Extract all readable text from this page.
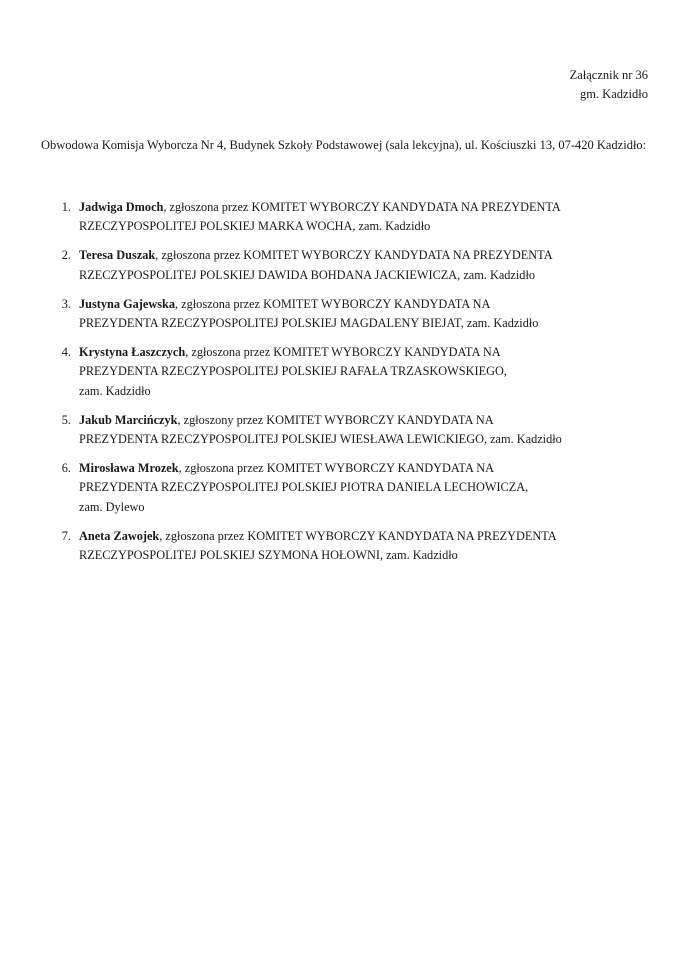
Załącznik nr 36
gm. Kadzidło

Obwodowa Komisja Wyborcza Nr 4, Budynek Szkoły Podstawowej (sala lekcyjna), ul. Kościuszki 13, 07-420 Kadzidło:

1. Jadwiga Dmoch, zgłoszona przez KOMITET WYBORCZY KANDYDATA NA PREZYDENTA
RZECZYPOSPOLITEJ POLSKIEJ MARKA WOCHA, zam. Kadzidło
2. Teresa Duszak, zgłoszona przez KOMITET WYBORCZY KANDYDATA NA PREZYDENTA
RZECZYPOSPOLITEJ POLSKIEJ DAWIDA BOHDANA JACKIEWICZA, zam. Kadzidło
3. Justyna Gajewska, zgłoszona przez KOMITET WYBORCZY KANDYDATA NA
PREZYDENTA RZECZYPOSPOLITEJ POLSKIEJ MAGDALENY BIEJAT, zam. Kadzidło
4. Krystyna Łaszczych, zgłoszona przez KOMITET WYBORCZY KANDYDATA NA
PREZYDENTA RZECZYPOSPOLITEJ POLSKIEJ RAFAŁA TRZASKOWSKIEGO,
zam. Kadzidło
5. Jakub Marcińczyk, zgłoszony przez KOMITET WYBORCZY KANDYDATA NA
PREZYDENTA RZECZYPOSPOLITEJ POLSKIEJ WIESŁAWA LEWICKIEGO, zam. Kadzidło
6. Mirosława Mrozek, zgłoszona przez KOMITET WYBORCZY KANDYDATA NA
PREZYDENTA RZECZYPOSPOLITEJ POLSKIEJ PIOTRA DANIELA LECHOWICZA,
zam. Dylewo
7. Aneta Zawojek, zgłoszona przez KOMITET WYBORCZY KANDYDATA NA PREZYDENTA
RZECZYPOSPOLITEJ POLSKIEJ SZYMONA HOŁOWNI, zam. Kadzidło
